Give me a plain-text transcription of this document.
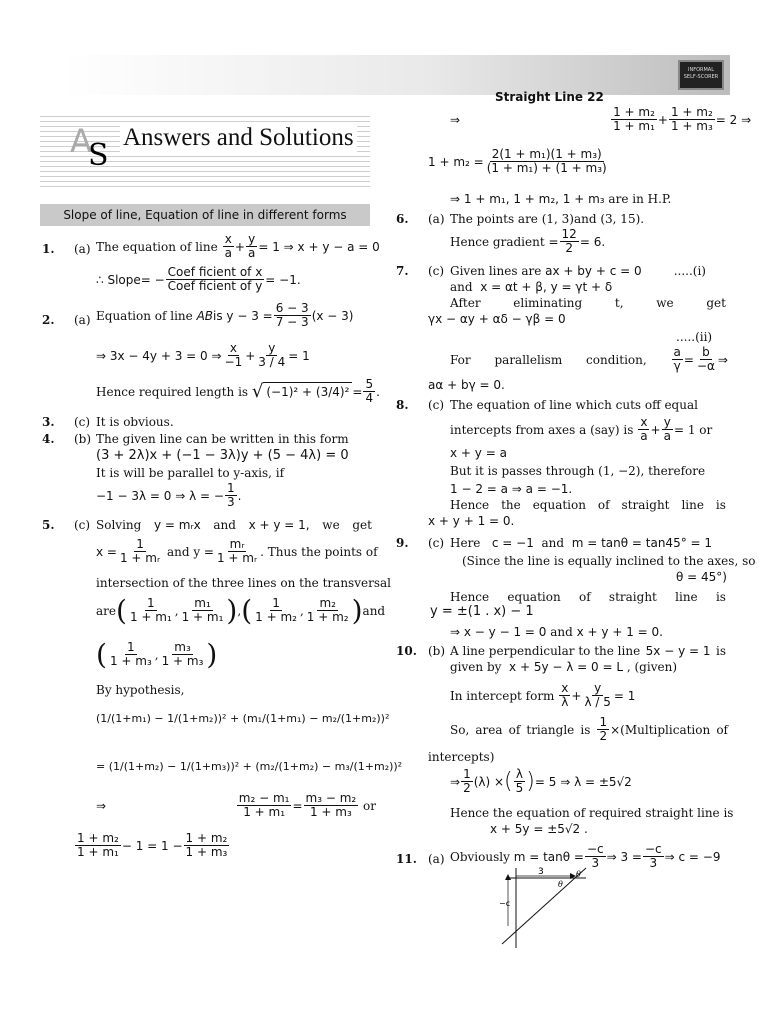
INFORMAL
SELF-SCORER
Straight Line 22
A
S
Answers and Solutions
Slope of line, Equation of line in different forms
1. (a) The equation of line
$\frac{x}{a} + \frac{y}{a} = 1$ ⇒ x + y − a = 0
∴ Slope= − $\frac{\text{Coef ficient of x}}{\text{Coef ficient of y}} = -1$.
2. (a) Equation of line
AB is $y - 3 = \frac{6 - 3}{7 - 3} (x - 3)$
⇒ 3x − 4y + 3 = 0 ⇒ $\frac{x}{-1} + \frac{y}{3 / 4} = 1$
Hence required length is
√ $(-1)^2 + (3/4)^2 = \frac{5}{4}$ .
3. (c) It is obvious.
4. (b) The given line can be written in this form
(3 + 2λ)x + (−1 − 3λ)y + (5 − 4λ) = 0
It is will be parallel to y-axis, if
−1 − 3λ = 0 ⇒ λ = − $\frac{1}{3}$ .
5. (c) Solving y = mᵣx and x + y = 1, we get
$x = \frac{1}{\text{1 + mᵣ}}$
and $y = \frac{\text{mᵣ}}{\text{1 + mᵣ}}$ . Thus the points of
intersection of the three lines on the transversal
are ( $\frac{1}{\text{1 + m₁}}$ , $\frac{\text{m₁}}{\text{1 + m₁}}$ ) , ( $\frac{1}{\text{1 + m₂}}$ , $\frac{\text{m₂}}{\text{1 + m₂}}$ ) and
( $\frac{1}{\text{1 + m₃}}$ , $\frac{\text{m₃}}{\text{1 + m₃}}$ )
By hypothesis,
(1/(1+m₁) − 1/(1+m₂))² + (m₁/(1+m₁) − m₂/(1+m₂))²
= (1/(1+m₂) − 1/(1+m₃))² + (m₂/(1+m₂) − m₃/(1+m₂))²
⇒	$\frac{\text{m₂ − m₁}}{\text{1 + m₁}} = \frac{\text{m₃ − m₂}}{\text{1 + m₃}}$
or
$\frac{\text{1 + m₂}}{\text{1 + m₁}} - 1 = 1 - \frac{\text{1 + m₂}}{\text{1 + m₃}}$
⇒	$\frac{\text{1 + m₂}}{\text{1 + m₁}} + \frac{\text{1 + m₂}}{\text{1 + m₃}} = 2$ ⇒
$1 + m_2 = \frac{\text{2(1 + m₁)(1 + m₃)}}{\text{(1 + m₁) + (1 + m₃)}}$
⇒ 1 + m₁, 1 + m₂, 1 + m₃
are in H.P.
6. (a) The points are (1, 3)and (3, 15).
Hence gradient = $\frac{12}{2} = 6$.
7. (c) Given lines are
ax + by + c = 0	.....(i)
and x = αt + β, y = γt + δ
After	eliminating	t,	we	get
γx − αy + αδ − γβ = 0
.....(ii)
For parallelism condition, $\frac{a}{\gamma} = \frac{b}{-\alpha}$ ⇒
aα + bγ = 0.
8. (c) The equation of line which cuts off equal
intercepts from axes a (say) is
$\frac{x}{a} + \frac{y}{a} = 1$ or
x + y = a
But it is passes through (1, −2), therefore
1 − 2 = a ⇒ a = −1.
Hence the equation of straight line is
x + y + 1 = 0.
9. (c) Here c = −1 and m = tanθ = tan45° = 1
(Since the line is equally inclined to the axes, so
θ = 45°)
Hence equation of straight line is
y = ±(1 . x) − 1
⇒ x − y − 1 = 0 and x + y + 1 = 0.
10. (b) A line perpendicular to the line 5x − y = 1 is
given by x + 5y − λ = 0 = L , (given)
In intercept form
$\frac{x}{\lambda} + \frac{y}{\lambda / 5} = 1$
So, area of triangle is $\frac{1}{2}$ ×(Multiplication of
intercepts)
⇒ $\frac{1}{2} (\lambda)$ × ( $\frac{\lambda}{5}$ ) = 5 ⇒ λ = ±5√2
Hence the equation of required straight line is
x + 5y = ±5√2 .
11. (a) Obviously
$m = \tan\theta = \frac{-c}{3}$ ⇒ $3 = \frac{-c}{3}$ ⇒ c = −9
3
θ
θ
−c
